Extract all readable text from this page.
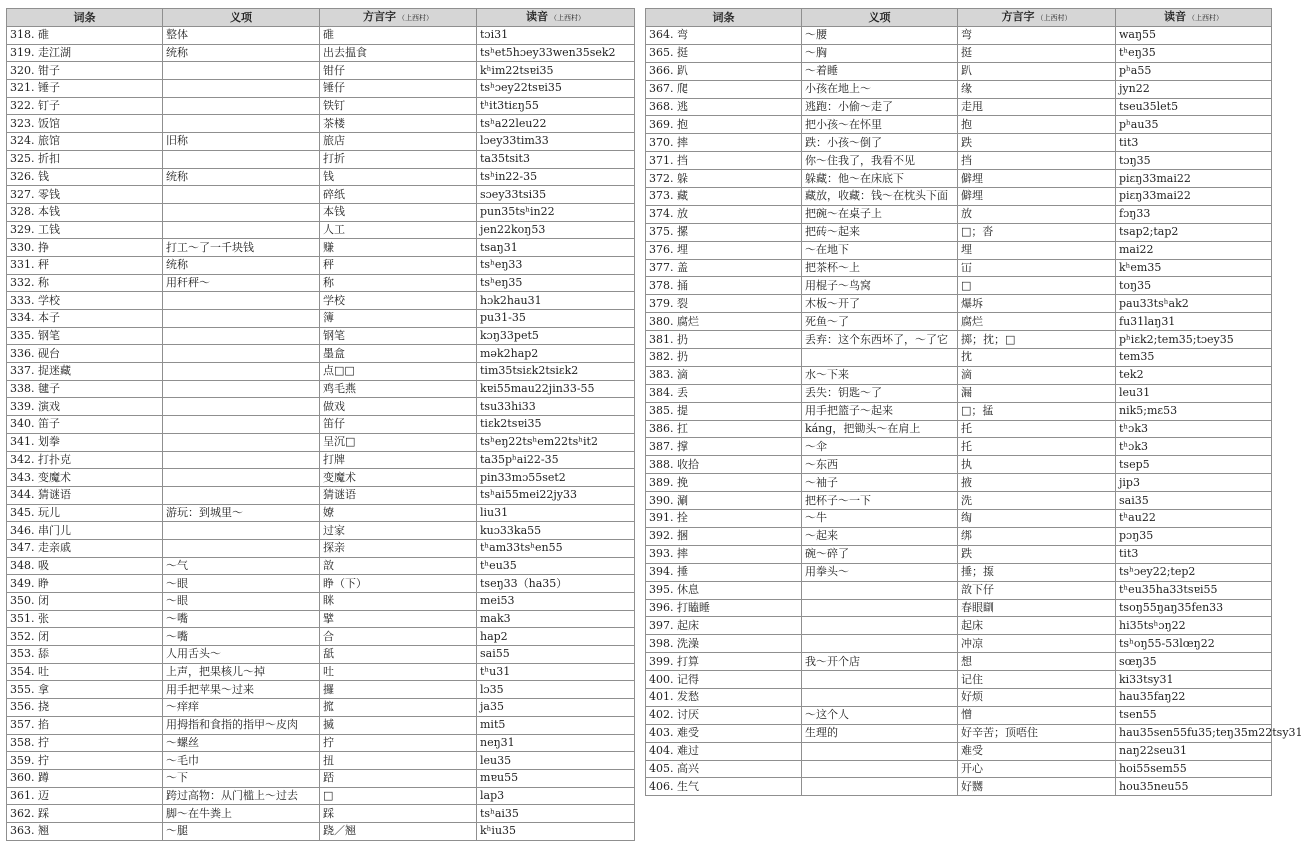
词条	义项	方言字 （上西村）	读音 （上西村）
318. 碓	整体	碓	tɔi31
319. 走江湖	统称	出去揾食	tsʰet5hɔey33wen35sek2
320. 钳子		钳仔	kʰim22tsɐi35
321. 锤子		锤仔	tsʰɔey22tsɐi35
322. 钉子		铁钉	tʰit3tiɛŋ55
323. 饭馆		茶楼	tsʰa22leu22
324. 旅馆	旧称	旅店	lɔey33tim33
325. 折扣		打折	ta35tsit3
326. 钱	统称	钱	tsʰin22-35
327. 零钱		碎纸	sɔey33tsi35
328. 本钱		本钱	pun35tsʰin22
329. 工钱		人工	jen22koŋ53
330. 挣	打工～了一千块钱	赚	tsaŋ31
331. 秤	统称	秤	tsʰeŋ33
332. 称	用秆秤～	称	tsʰeŋ35
333. 学校		学校	hɔk2hau31
334. 本子		簿	pu31-35
335. 钢笔		钢笔	kɔŋ33pet5
336. 砚台		墨盒	mək2hap2
337. 捉迷藏		点□□	tim35tsiɛk2tsiɛk2
338. 毽子		鸡毛燕	kɐi55mau22jin33-55
339. 演戏		做戏	tsu33hi33
340. 笛子		笛仔	tiɛk2tsɐi35
341. 划拳		呈沉□	tsʰeŋ22tsʰem22tsʰit2
342. 打扑克		打牌	ta35pʰai22-35
343. 变魔术		变魔术	pin33mɔ55set2
344. 猜谜语		猜谜语	tsʰai55mei22jy33
345. 玩儿	游玩：到城里～	嫽	liu31
346. 串门儿		过家	kuɔ33ka55
347. 走亲戚		探亲	tʰam33tsʰen55
348. 吸	～气	敨	tʰeu35
349. 睁	～眼	睁（下）	tseŋ33（ha35）
350. 闭	～眼	眯	mei53
351. 张	～嘴	擘	mak3
352. 闭	～嘴	合	hap2
353. 舔	人用舌头～	舐	sai55
354. 吐	上声，把果核儿～掉	吐	tʰu31
355. 拿	用手把苹果～过来	攞	lɔ35
356. 挠	～痒痒	搲	ja35
357. 掐	用拇指和食指的指甲～皮肉	搣	mit5
358. 拧	～螺丝	拧	neŋ31
359. 拧	～毛巾	扭	leu35
360. 蹲	～下	踎	mɐu55
361. 迈	跨过高物：从门槛上～过去	□	lap3
362. 踩	脚～在牛粪上	踩	tsʰai35
363. 翘	～腿	跷／翘	kʰiu35
词条	义项	方言字 （上西村）	读音 （上西村）
364. 弯	～腰	弯	waŋ55
365. 挺	～胸	挺	tʰeŋ35
366. 趴	～着睡	趴	pʰa55
367. 爬	小孩在地上～	缘	jyn22
368. 逃	逃跑：小偷～走了	走甩	tseu35let5
369. 抱	把小孩～在怀里	抱	pʰau35
370. 摔	跌：小孩～倒了	跌	tit3
371. 挡	你～住我了，我看不见	挡	tɔŋ35
372. 躲	躲藏：他～在床底下	僻埋	piɛŋ33mai22
373. 藏	藏放，收藏：钱～在枕头下面	僻埋	piɛŋ33mai22
374. 放	把碗～在桌子上	放	fɔŋ33
375. 摞	把砖～起来	□；沓	tsap2;tap2
376. 埋	～在地下	埋	mai22
377. 盖	把茶杯～上	冚	kʰem35
378. 捅	用棍子～鸟窝	□	toŋ35
379. 裂	木板～开了	爆坼	pau33tsʰak2
380. 腐烂	死鱼～了	腐烂	fu31laŋ31
381. 扔	丢弃：这个东西坏了，～了它	掷；抌；□	pʰiɛk2;tem35;tɔey35
382. 扔		抌	tem35
383. 滴	水～下来	滴	tek2
384. 丢	丢失：钥匙～了	漏	leu31
385. 提	用手把篮子～起来	□；掹	nik5;mɛ53
386. 扛	káng，把锄头～在肩上	托	tʰɔk3
387. 撑	～伞	托	tʰɔk3
388. 收拾	～东西	执	tsep5
389. 挽	～袖子	掖	jip3
390. 涮	把杯子～一下	洗	sai35
391. 拴	～牛	绹	tʰau22
392. 捆	～起来	绑	pɔŋ35
393. 摔	碗～碎了	跌	tit3
394. 捶	用拳头～	捶；揼	tsʰɔey22;tep2
395. 休息		敨下仔	tʰeu35ha33tsɐi55
396. 打瞌睡		春眼瞓	tsoŋ55ŋaŋ35fen33
397. 起床		起床	hi35tsʰɔŋ22
398. 洗澡		冲凉	tsʰoŋ55-53lœŋ22
399. 打算	我～开个店	想	sœŋ35
400. 记得		记住	ki33tsy31
401. 发愁		好烦	hau35faŋ22
402. 讨厌	～这个人	憎	tsen55
403. 难受	生理的	好辛苦；顶唔住	hau35sen55fu35;teŋ35m22tsy31
404. 难过		难受	naŋ22seu31
405. 高兴		开心	hoi55sem55
406. 生气		好嬲	hou35neu55
